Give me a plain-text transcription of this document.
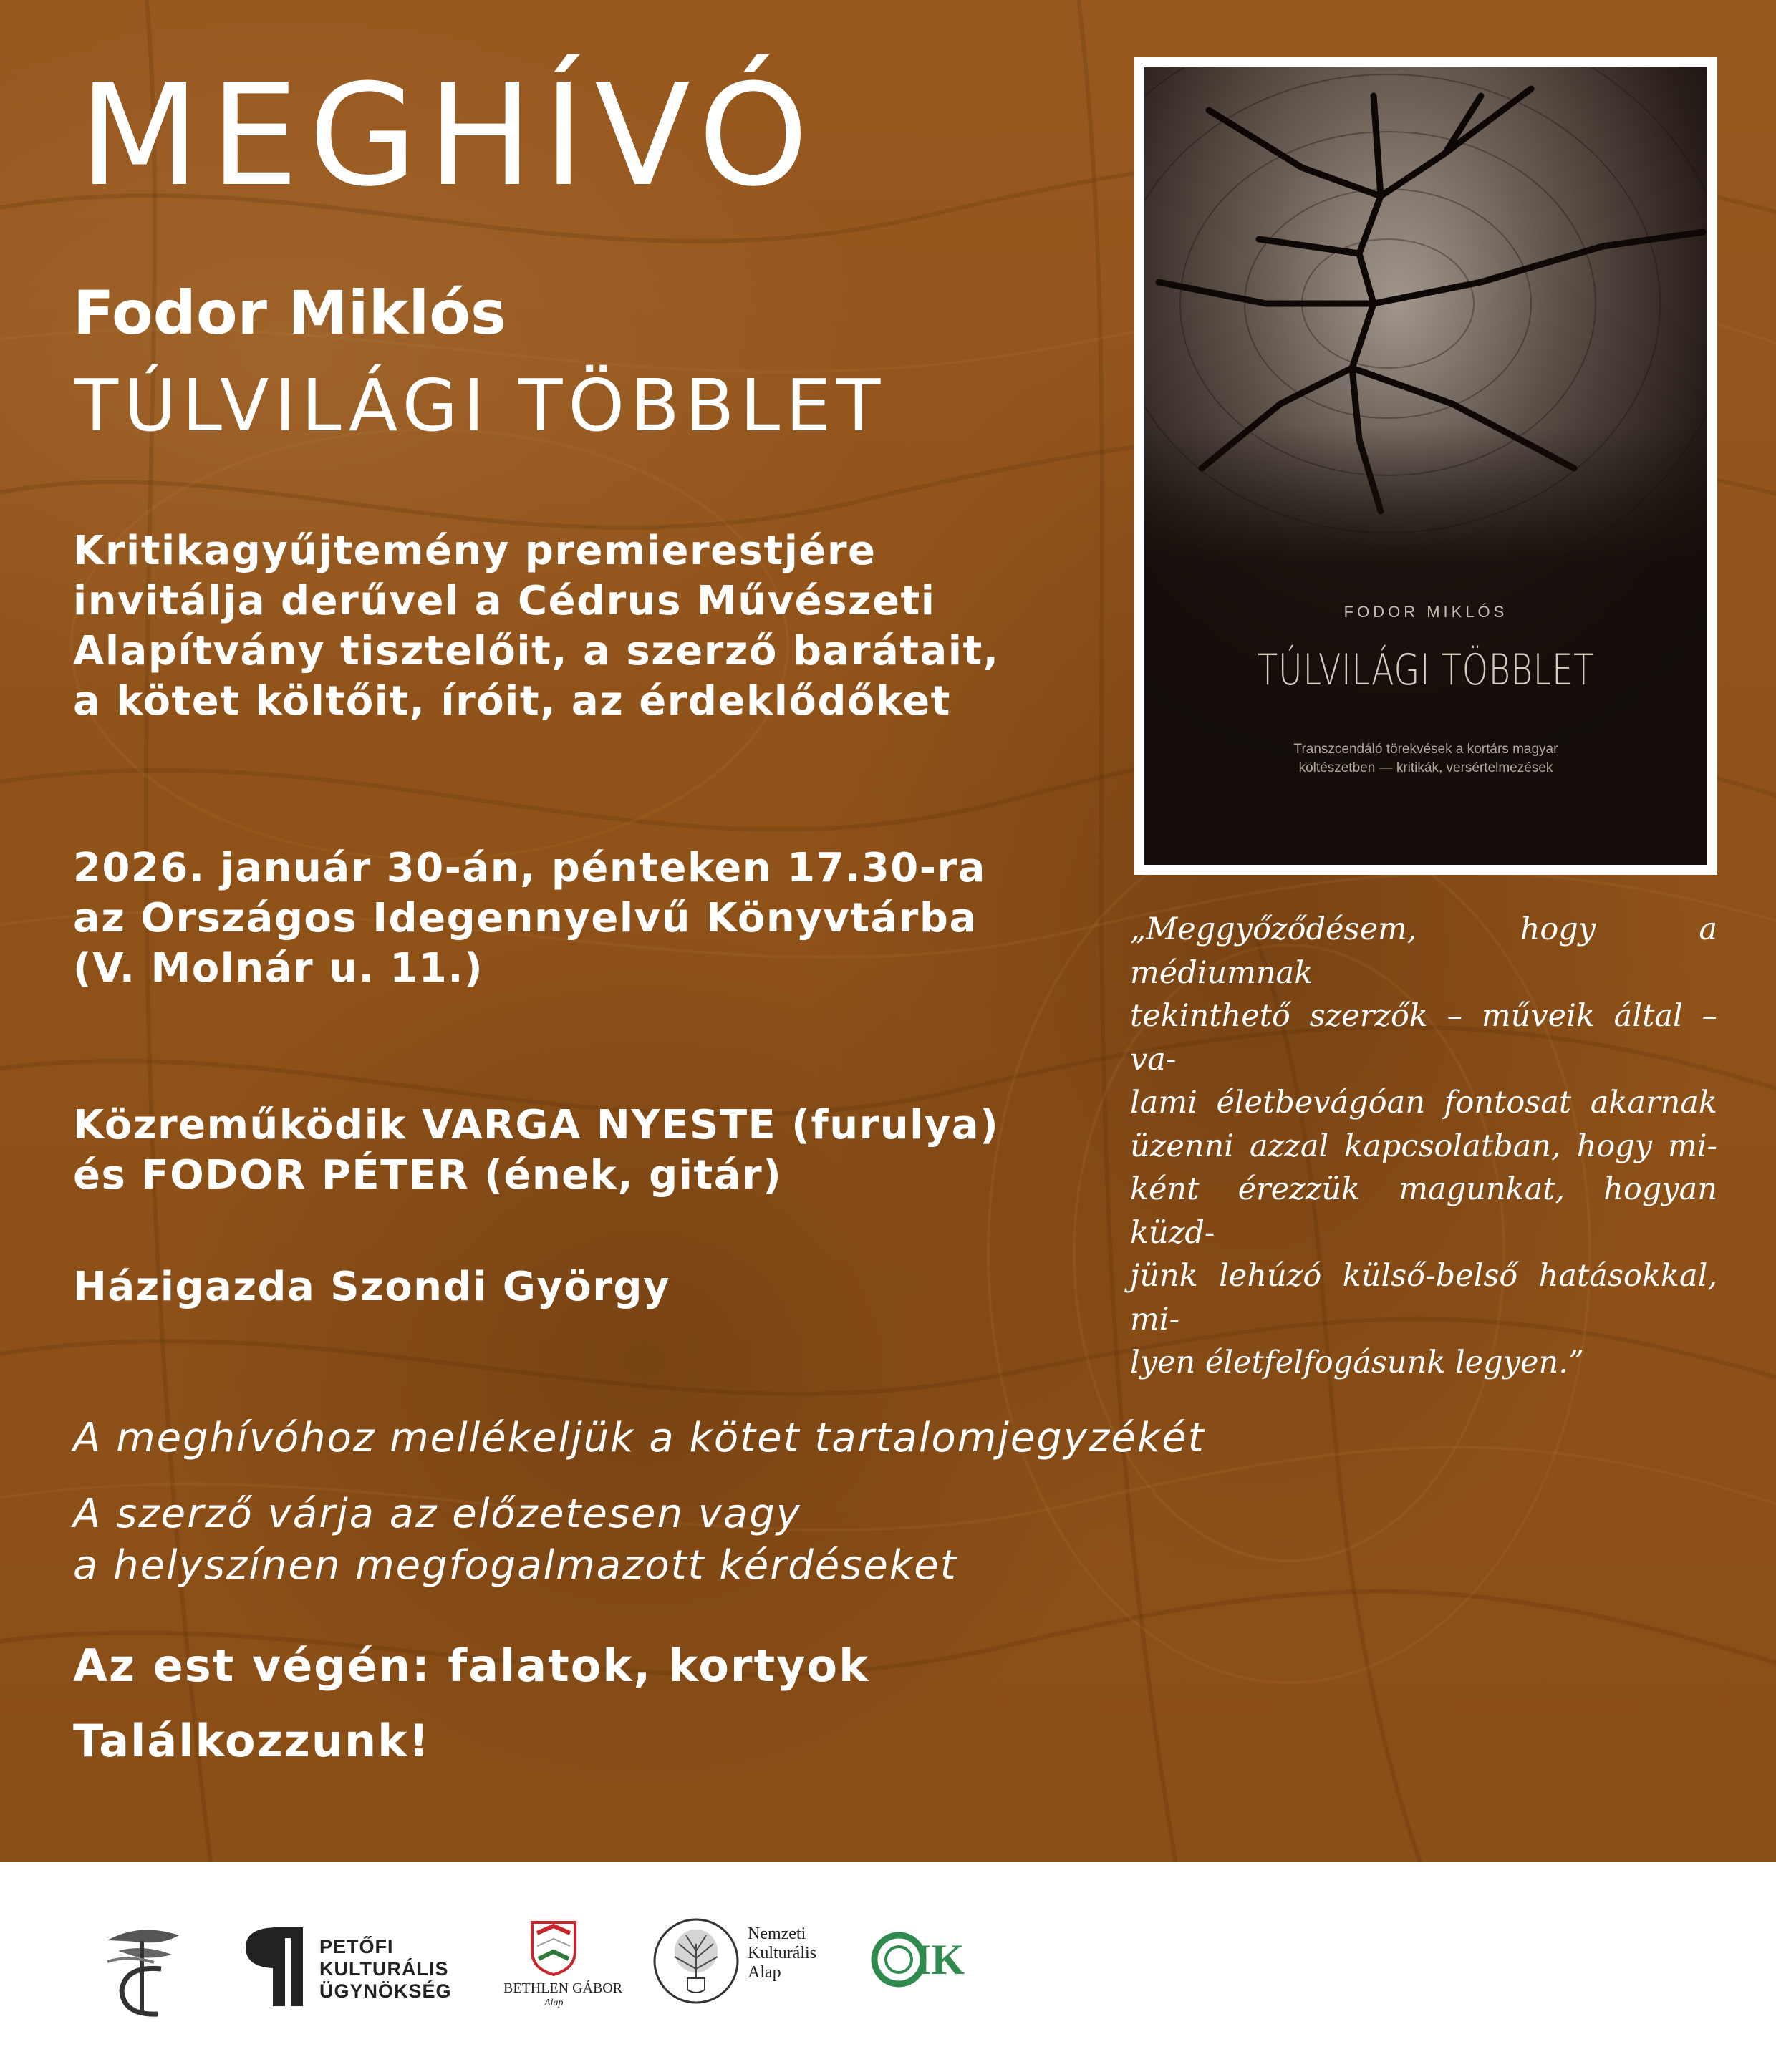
MEGHÍVÓ
Fodor Miklós
TÚLVILÁGI TÖBBLET
Kritikagyűjtemény premierestjére
invitálja derűvel a Cédrus Művészeti
Alapítvány tisztelőit, a szerző barátait,
a kötet költőit, íróit, az érdeklődőket
2026. január 30-án, pénteken 17.30-ra
az Országos Idegennyelvű Könyvtárba
(V. Molnár u. 11.)
Közreműködik VARGA NYESTE (furulya)
és FODOR PÉTER (ének, gitár)
Házigazda Szondi György
A meghívóhoz mellékeljük a kötet tartalomjegyzékét
A szerző várja az előzetesen vagy
a helyszínen megfogalmazott kérdéseket
Az est végén: falatok, kortyok
Találkozzunk!
FODOR MIKLÓS
TÚLVILÁGI TÖBBLET
Transzcendáló törekvések a kortárs magyar
költészetben — kritikák, versértelmezések
„Meggyőződésem, hogy a médiumnak
tekinthető szerzők – műveik által – va-
lami életbevágóan fontosat akarnak
üzenni azzal kapcsolatban, hogy mi-
ként érezzük magunkat, hogyan küzd-
jünk lehúzó külső-belső hatásokkal, mi-
lyen életfelfogásunk legyen.”
PETŐFI
KULTURÁLIS
ÜGYNÖKSÉG	BETHLEN GÁBOR
Alap
Nemzeti
Kulturális
Alap	IK
